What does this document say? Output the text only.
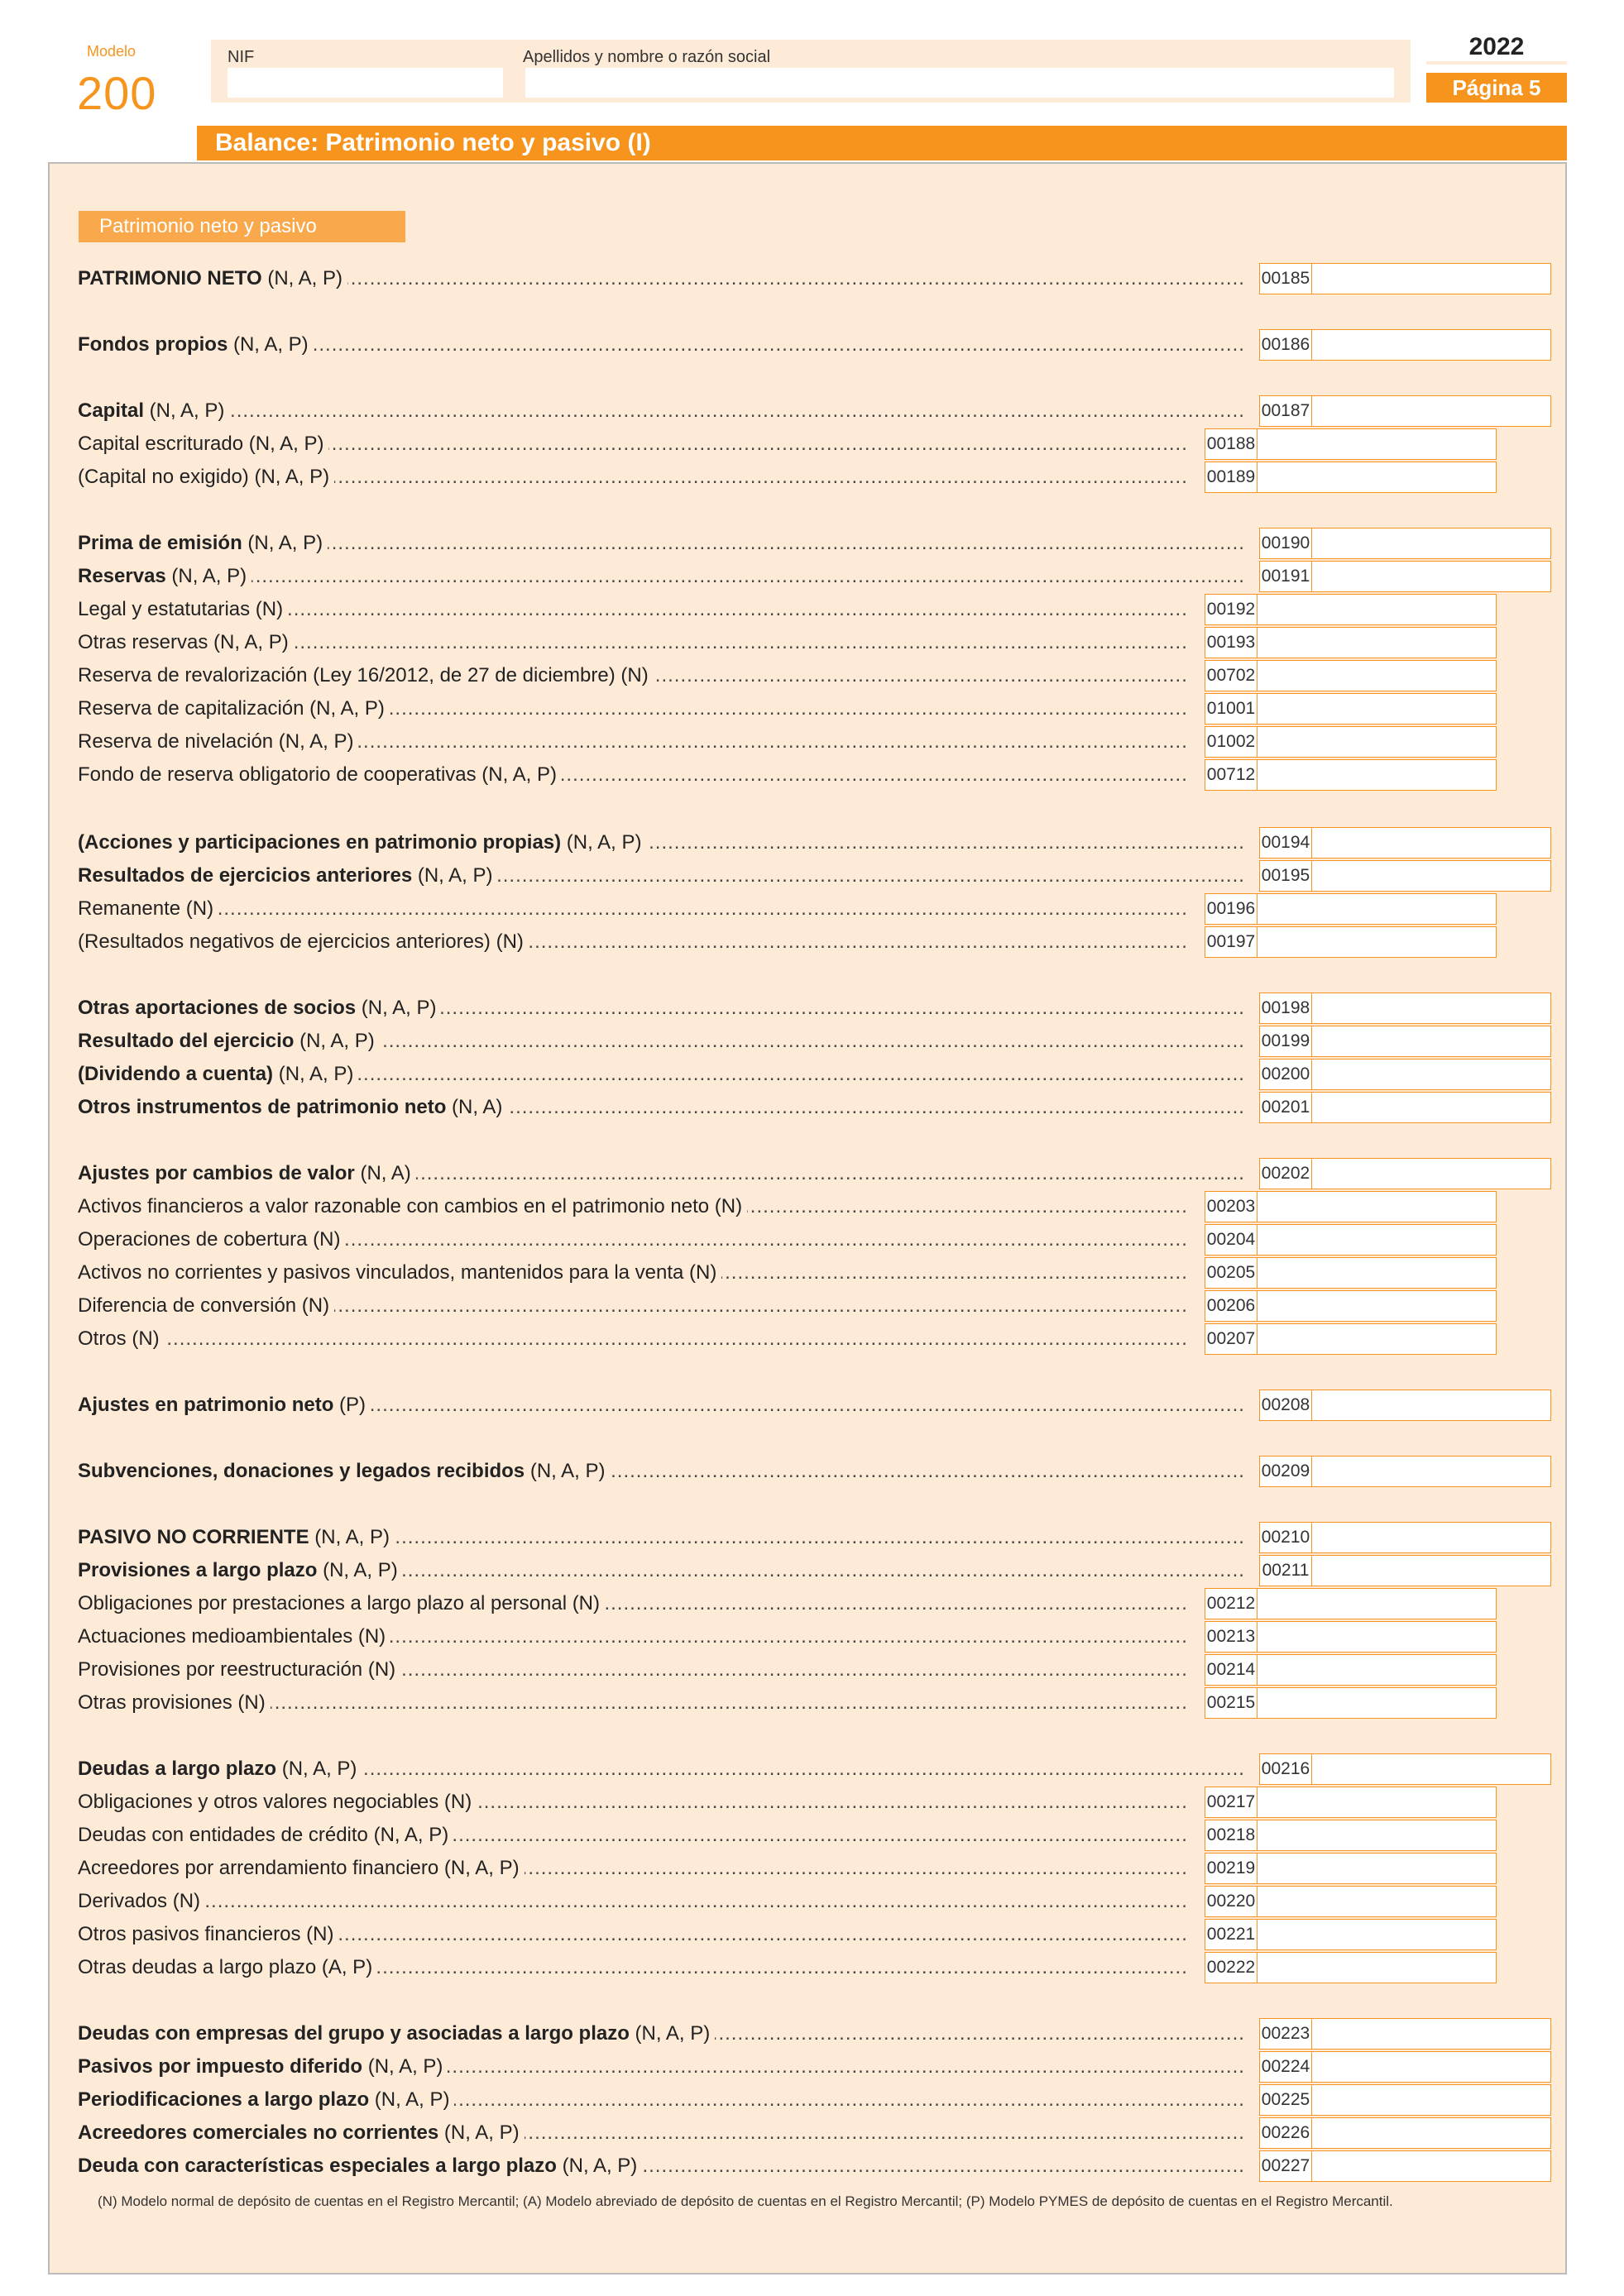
Modelo
200
NIF	Apellidos y nombre o razón social	2022
Página 5
Balance: Patrimonio neto y pasivo (I)
Patrimonio neto y pasivo
.....
PATRIMONIO NETO (N, A, P)	00185
.....
Fondos propios (N, A, P)	00186
.....
Capital (N, A, P)	00187
.....
Capital escriturado (N, A, P)	00188
.....
(Capital no exigido) (N, A, P)	00189
.....
Prima de emisión (N, A, P)	00190
.....
Reservas (N, A, P)	00191
.....
Legal y estatutarias (N)	00192
.....
Otras reservas (N, A, P)	00193
.....
Reserva de revalorización (Ley 16/2012, de 27 de diciembre) (N)	00702
.....
Reserva de capitalización (N, A, P)	01001
.....
Reserva de nivelación (N, A, P)	01002
.....
Fondo de reserva obligatorio de cooperativas (N, A, P)	00712
.....
(Acciones y participaciones en patrimonio propias) (N, A, P)	00194
.....
Resultados de ejercicios anteriores (N, A, P)	00195
.....
Remanente (N)	00196
.....
(Resultados negativos de ejercicios anteriores) (N)	00197
.....
Otras aportaciones de socios (N, A, P)	00198
.....
Resultado del ejercicio (N, A, P)	00199
.....
(Dividendo a cuenta) (N, A, P)	00200
.....
Otros instrumentos de patrimonio neto (N, A)	00201
.....
Ajustes por cambios de valor (N, A)	00202
.....
Activos financieros a valor razonable con cambios en el patrimonio neto (N)	00203
.....
Operaciones de cobertura (N)	00204
.....
Activos no corrientes y pasivos vinculados, mantenidos para la venta (N)	00205
.....
Diferencia de conversión (N)	00206
.....
Otros (N)	00207
.....
Ajustes en patrimonio neto (P)	00208
.....
Subvenciones, donaciones y legados recibidos (N, A, P)	00209
.....
PASIVO NO CORRIENTE (N, A, P)	00210
.....
Provisiones a largo plazo (N, A, P)	00211
.....
Obligaciones por prestaciones a largo plazo al personal (N)	00212
.....
Actuaciones medioambientales (N)	00213
.....
Provisiones por reestructuración (N)	00214
.....
Otras provisiones (N)	00215
.....
Deudas a largo plazo (N, A, P)	00216
.....
Obligaciones y otros valores negociables (N)	00217
.....
Deudas con entidades de crédito (N, A, P)	00218
.....
Acreedores por arrendamiento financiero (N, A, P)	00219
.....
Derivados (N)	00220
.....
Otros pasivos financieros (N)	00221
.....
Otras deudas a largo plazo (A, P)	00222
.....
Deudas con empresas del grupo y asociadas a largo plazo (N, A, P)	00223
.....
Pasivos por impuesto diferido (N, A, P)	00224
.....
Periodificaciones a largo plazo (N, A, P)	00225
.....
Acreedores comerciales no corrientes (N, A, P)	00226
.....
Deuda con características especiales a largo plazo (N, A, P)	00227
(N) Modelo normal de depósito de cuentas en el Registro Mercantil; (A) Modelo abreviado de depósito de cuentas en el Registro Mercantil; (P) Modelo PYMES de depósito de cuentas en el Registro Mercantil.
